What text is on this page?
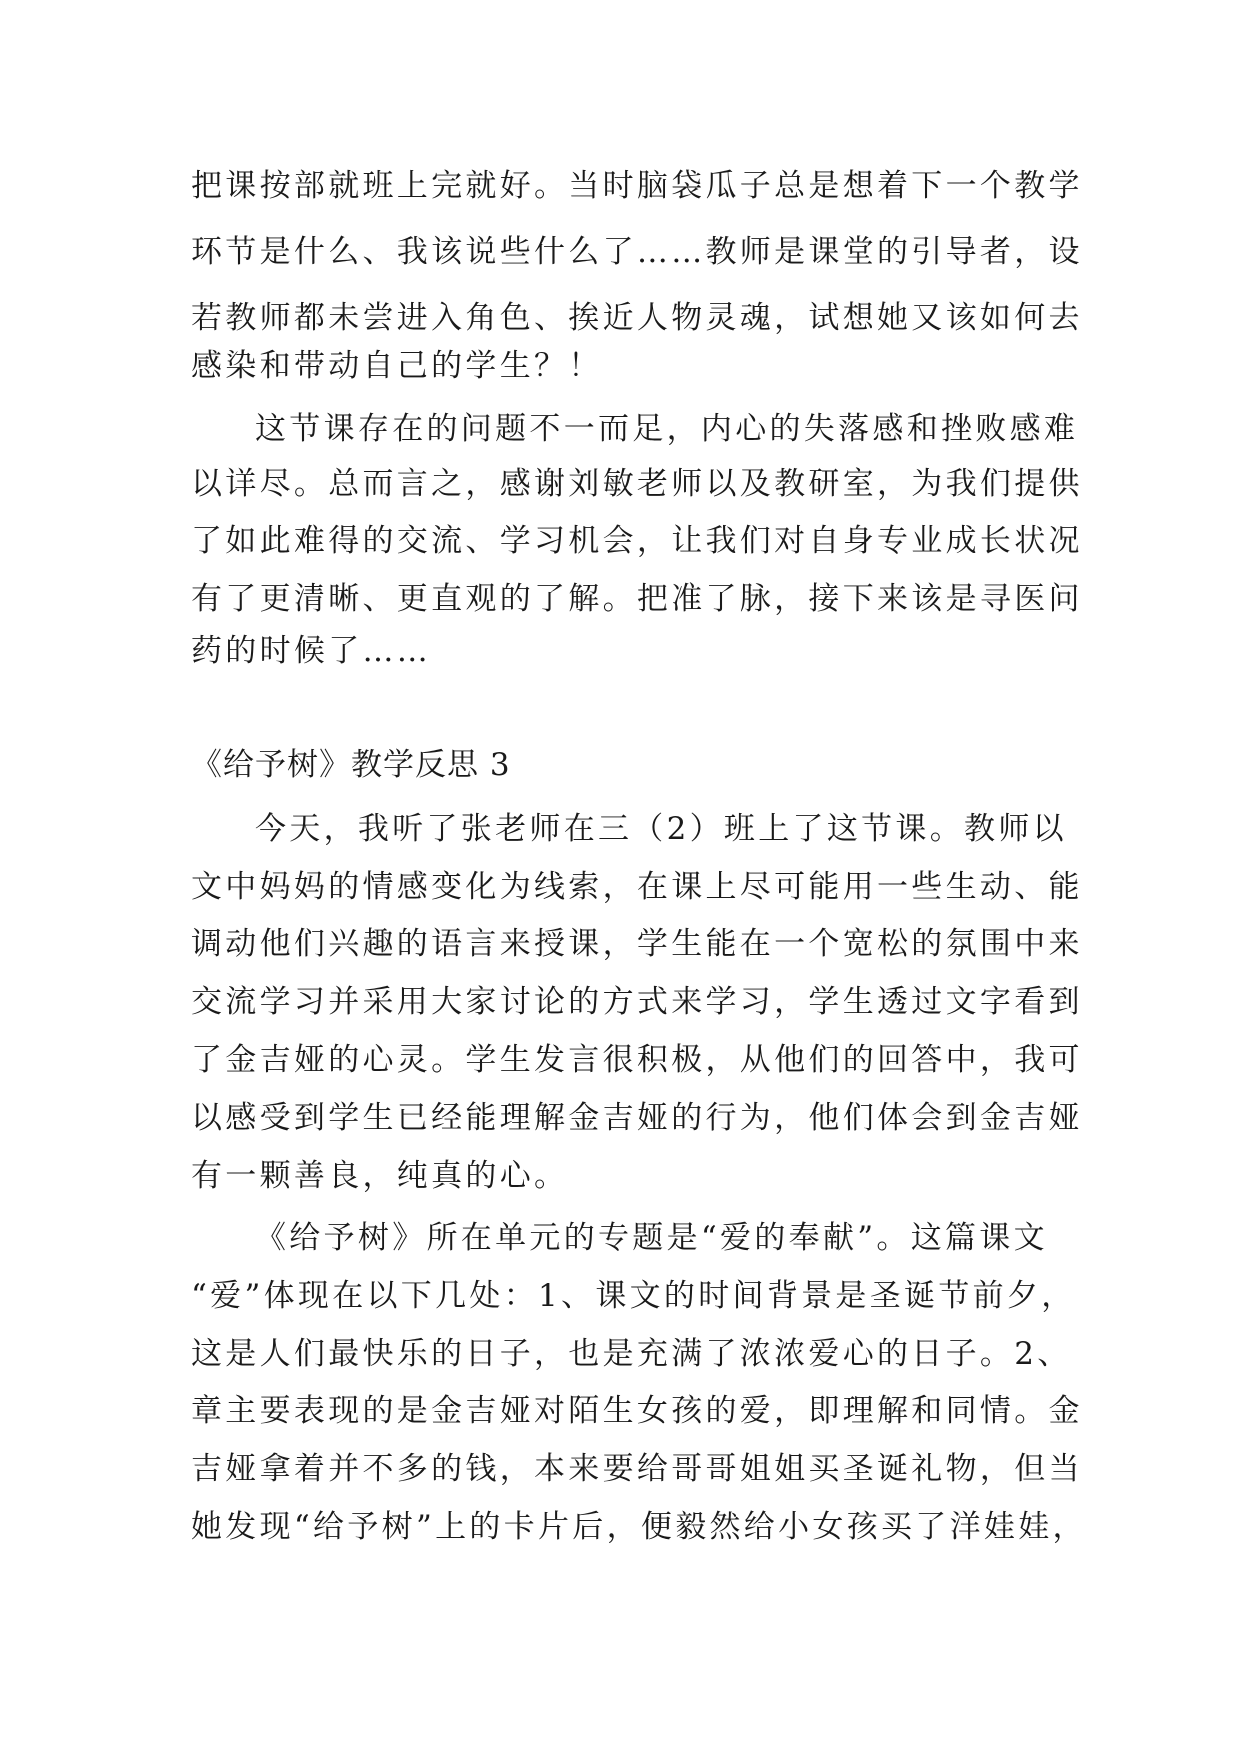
把课按部就班上完就好。当时脑袋瓜子总是想着下一个教学
环节是什么、我该说些什么了……教师是课堂的引导者，设
若教师都未尝进入角色、挨近人物灵魂，试想她又该如何去
感染和带动自己的学生？！
这节课存在的问题不一而足，内心的失落感和挫败感难
以详尽。总而言之，感谢刘敏老师以及教研室，为我们提供
了如此难得的交流、学习机会，让我们对自身专业成长状况
有了更清晰、更直观的了解。把准了脉，接下来该是寻医问
药的时候了……
《给予树》教学反思 3
今天，我听了张老师在三（2）班上了这节课。教师以
文中妈妈的情感变化为线索，在课上尽可能用一些生动、能
调动他们兴趣的语言来授课，学生能在一个宽松的氛围中来
交流学习并采用大家讨论的方式来学习，学生透过文字看到
了金吉娅的心灵。学生发言很积极，从他们的回答中，我可
以感受到学生已经能理解金吉娅的行为，他们体会到金吉娅
有一颗善良，纯真的心。
《给予树》所在单元的专题是“爱的奉献”。这篇课文
“爱”体现在以下几处：1、课文的时间背景是圣诞节前夕，
这是人们最快乐的日子，也是充满了浓浓爱心的日子。2、
章主要表现的是金吉娅对陌生女孩的爱，即理解和同情。金
吉娅拿着并不多的钱，本来要给哥哥姐姐买圣诞礼物，但当
她发现“给予树”上的卡片后，便毅然给小女孩买了洋娃娃，
